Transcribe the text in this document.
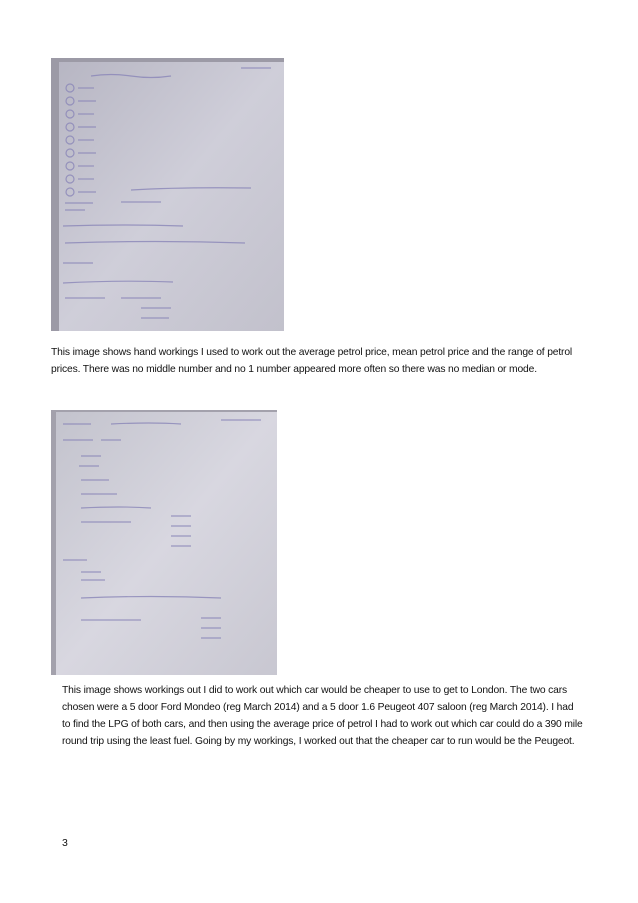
This image shows hand workings I used to work out the average petrol price, mean petrol price and the range of petrol prices. There was no middle number and no 1 number appeared more often so there was no median or mode.
This image shows workings out I did to work out which car would be cheaper to use to get to London. The two cars chosen were a 5 door Ford Mondeo (reg March 2014) and a 5 door 1.6 Peugeot 407 saloon (reg March 2014). I had to find the LPG of both cars, and then using the average price of petrol I had to work out which car could do a 390 mile round trip using the least fuel. Going by my workings, I worked out that the cheaper car to run would be the Peugeot.
3
